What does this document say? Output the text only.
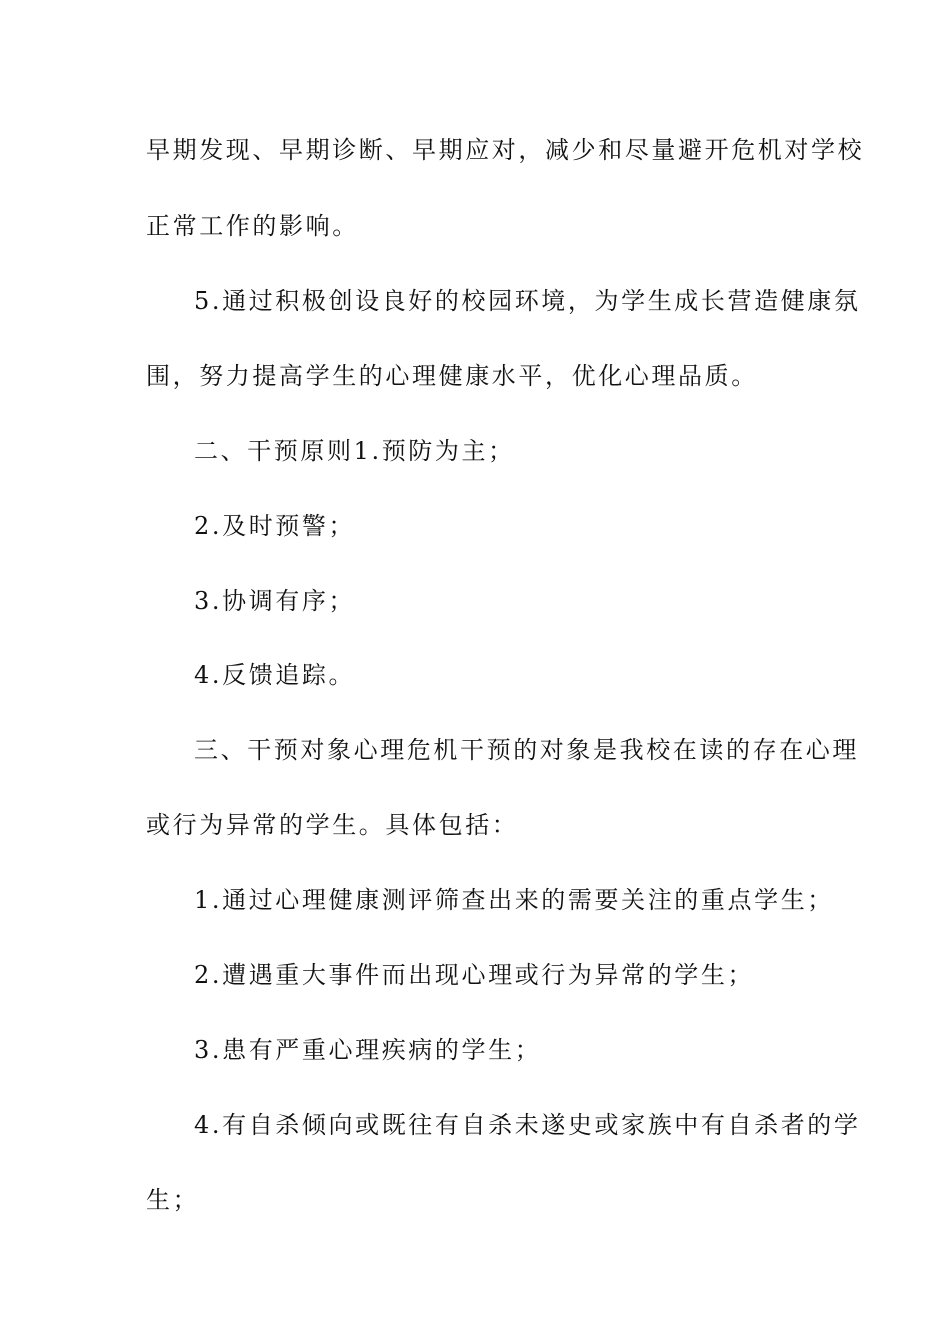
早期发现、早期诊断、早期应对，减少和尽量避开危机对学校
正常工作的影响。
5.通过积极创设良好的校园环境，为学生成长营造健康氛
围，努力提高学生的心理健康水平，优化心理品质。
二、干预原则1.预防为主；
2.及时预警；
3.协调有序；
4.反馈追踪。
三、干预对象心理危机干预的对象是我校在读的存在心理
或行为异常的学生。具体包括：
1.通过心理健康测评筛查出来的需要关注的重点学生；
2.遭遇重大事件而出现心理或行为异常的学生；
3.患有严重心理疾病的学生；
4.有自杀倾向或既往有自杀未遂史或家族中有自杀者的学
生；
